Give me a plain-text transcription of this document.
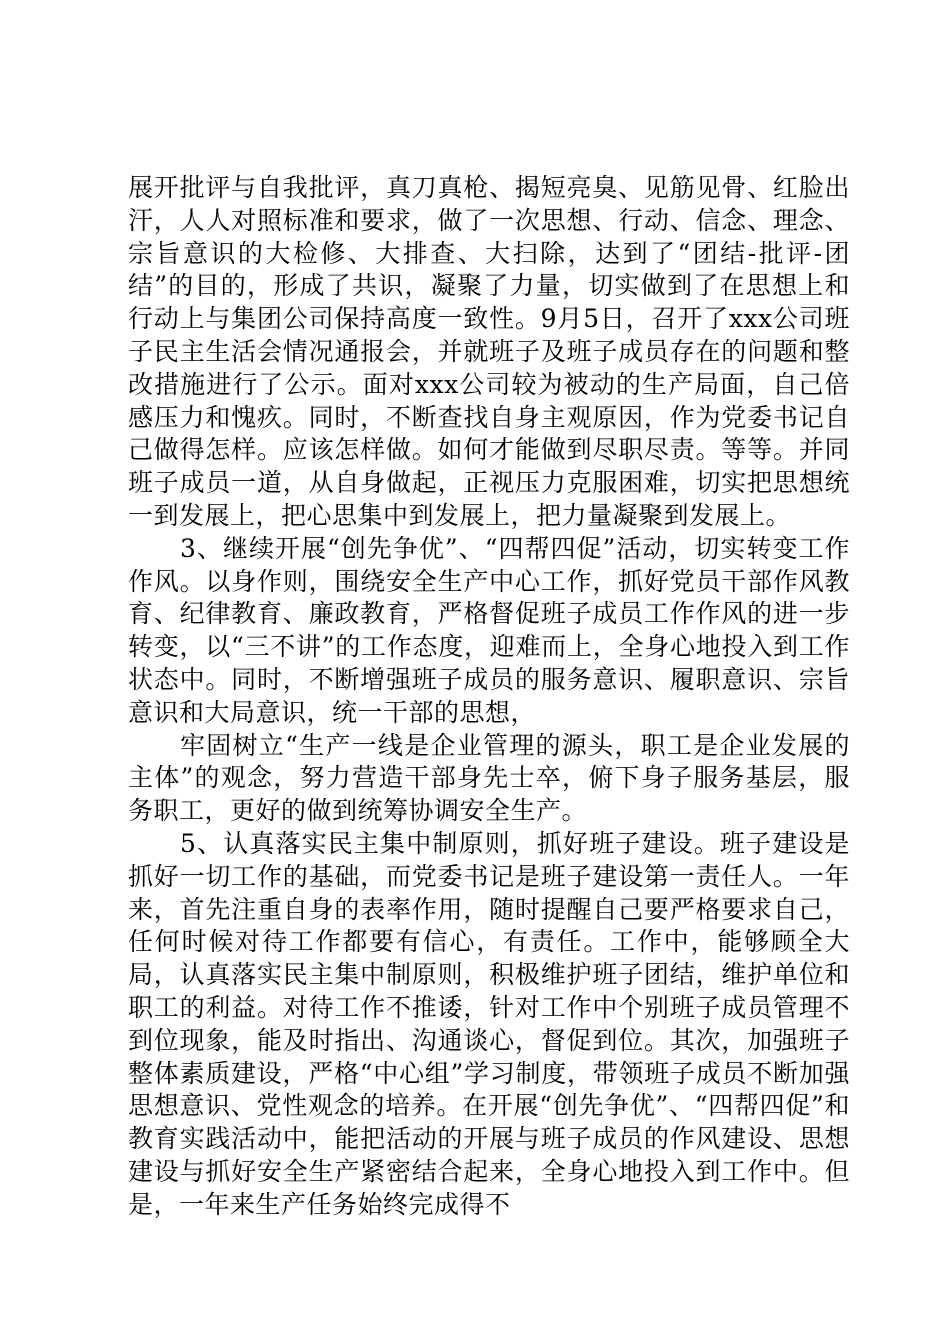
展开批评与自我批评，真刀真枪、揭短亮臭、见筋见骨、红脸出汗，人人对照标准和要求，做了一次思想、行动、信念、理念、宗旨意识的大检修、大排查、大扫除，达到了“团结-批评-团结”的目的，形成了共识，凝聚了力量，切实做到了在思想上和行动上与集团公司保持高度一致性。9月5日，召开了xxx公司班子民主生活会情况通报会，并就班子及班子成员存在的问题和整改措施进行了公示。面对xxx公司较为被动的生产局面，自己倍感压力和愧疚。同时，不断查找自身主观原因，作为党委书记自己做得怎样。应该怎样做。如何才能做到尽职尽责。等等。并同班子成员一道，从自身做起，正视压力克服困难，切实把思想统一到发展上，把心思集中到发展上，把力量凝聚到发展上。

3、继续开展“创先争优”、“四帮四促”活动，切实转变工作作风。以身作则，围绕安全生产中心工作，抓好党员干部作风教育、纪律教育、廉政教育，严格督促班子成员工作作风的进一步转变，以“三不讲”的工作态度，迎难而上，全身心地投入到工作状态中。同时，不断增强班子成员的服务意识、履职意识、宗旨意识和大局意识，统一干部的思想，

牢固树立“生产一线是企业管理的源头，职工是企业发展的主体”的观念，努力营造干部身先士卒，俯下身子服务基层，服务职工，更好的做到统筹协调安全生产。

5、认真落实民主集中制原则，抓好班子建设。班子建设是抓好一切工作的基础，而党委书记是班子建设第一责任人。一年来，首先注重自身的表率作用，随时提醒自己要严格要求自己，任何时候对待工作都要有信心，有责任。工作中，能够顾全大局，认真落实民主集中制原则，积极维护班子团结，维护单位和职工的利益。对待工作不推诿，针对工作中个别班子成员管理不到位现象，能及时指出、沟通谈心，督促到位。其次，加强班子整体素质建设，严格“中心组”学习制度，带领班子成员不断加强思想意识、党性观念的培养。在开展“创先争优”、“四帮四促”和教育实践活动中，能把活动的开展与班子成员的作风建设、思想建设与抓好安全生产紧密结合起来，全身心地投入到工作中。但是，一年来生产任务始终完成得不
